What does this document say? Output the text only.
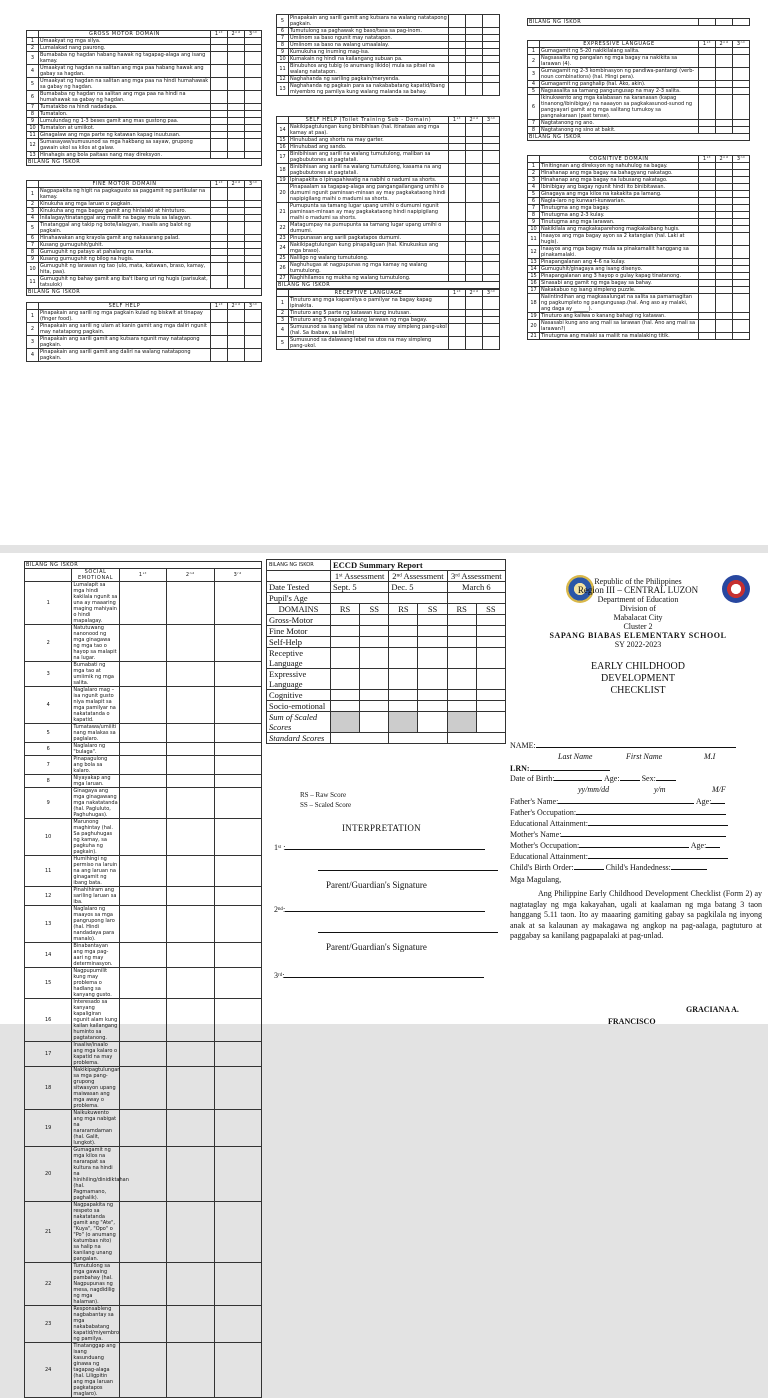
	GROSS MOTOR DOMAIN	1ˢᵗ	2ⁿᵈ	3ʳᵈ
1	Umaakyat ng mga silya.			
2	Lumalakad nang paurong.			
3	Bumababa ng hagdan habang hawak ng tagapag-alaga ang isang kamay.			
4	Umaakyat ng hagdan na salitan ang mga paa habang hawak ang gabay sa hagdan.			
5	Umaakyat ng hagdan na salitan ang mga paa na hindi humahawak sa gabay ng hagdan.			
6	Bumababa ng hagdan na salitan ang mga paa na hindi na humahawak sa gabay ng hagdan.			
7	Tumatakbo na hindi nadadapa.			
8	Tumatalon.			
9	Lumulundag ng 1-3 beses gamit ang mas gustong paa.			
10	Tumatalon at umiikot.			
11	Ginagalaw ang mga parte ng katawan kapag inuutusan.			
12	Sumasayaw/sumusunod sa mga hakbang sa sayaw, grupong gawain ukol sa kilos at galaw.			
13	Hinahagis ang bola paitaas nang may direksyon.			
BILANG NG ISKOR				
	FINE MOTOR DOMAIN	1ˢᵗ	2ⁿᵈ	3ʳᵈ
1	Nagpapakita ng higit na pagkagusto sa paggamit ng partikular na kamay.			
2	Kinukuha ang mga laruan o pagkain.			
3	Kinukuha ang mga bagay gamit ang hinlalaki at hintuturo.			
4	Inilalagay/tinatanggal ang maliit na bagay mula sa lalagyan.			
5	Tinatanggal ang takip ng bote/lalagyan, inaalis ang balot ng pagkain.			
6	Hinahawakan ang krayola gamit ang nakasarang palad.			
7	Kusang gumuguhit/guhit.			
8	Gumuguhit ng patayo at pahalang na marka.			
9	Kusang gumuguhit ng bilog na hugis.			
10	Gumuguhit ng larawan ng tao (ulo, mata, katawan, braso, kamay, hita, paa).			
11	Gumuguhit ng bahay gamit ang iba't ibang uri ng hugis (parisukat, tatsulok)			
BILANG NG ISKOR				
	SELF HELP	1ˢᵗ	2ⁿᵈ	3ʳᵈ
1	Pinapakain ang sarili ng mga pagkain kulad ng biskwit at tinapay (finger food).			
2	Pinapakain ang sarili ng ulam at kanin gamit ang mga daliri ngunit may natatapong pagkain.			
3	Pinapakain ang sarili gamit ang kutsara ngunit may natatapong pagkain.			
4	Pinapakain ang sarili gamit ang daliri na walang natatapong pagkain.			
5	Pinapakain ang sarili gamit ang kutsara na walang natatapong pagkain.			
6	Tumutulong sa paghawak ng baso/tasa sa pag-inom.			
7	Umiinom sa baso ngunit may natatapon.			
8	Umiinom sa baso na walang umaalalay.			
9	Kumukuha ng inuming mag-isa.			
10	Kumakain ng hindi na kailangang subuan pa.			
11	Binubuhos ang tubig (o anumang likido) mula sa pitsel na walang natatapon.			
12	Naghahanda ng sariling pagkain/meryenda.			
13	Naghahanda ng pagkain para sa nakababatang kapatid/ibang miyembro ng pamilya kung walang malanda sa bahay.			
	SELF HELP (Toilet Training Sub - Domain)	1ˢᵗ	2ⁿᵈ	3ʳᵈ
14	Nakikipagtulungan kung binibihisan (hal. itinataas ang mga kamay at paa).			
15	Hinuhubad ang shorts na may garter.			
16	Hinuhubad ang sando.			
17	Binibihisan ang sarili na walang tumutulong, maliban sa pagbubutones at pagtatali.			
18	Binibihisan ang sarili na walang tumutulong, kasama na ang pagbubutones at pagtatali.			
19	Ipinapakita o ipinapahiwatig na nabihi o nadumi sa shorts.			
20	Pinapaalam sa tagapag-alaga ang pangangailangang umihi o dumumi ngunit paminsan-minsan ay may pagkakataong hindi napipigilang maihi o madumi sa shorts.			
21	Pumupunta sa tamang lugar upang umihi o dumumi ngunit paminsan-minsan ay may pagkakataong hindi napipigilang maihi o madumi sa shorts.			
22	Matagumpay na pumupunta sa tamang lugar upang umihi o dumumi.			
23	Pinupunasan ang sarili pagkatapos dumumi.			
24	Nakikipagtulungan kung pinapaliguan (hal. Kinukuskus ang mga braso).			
25	Naliligo ng walang tumutulong.			
26	Naghuhugas at nagpupunas ng mga kamay ng walang tumutulong.			
27	Naghihilamos ng mukha ng walang tumutulong.			
BILANG NG ISKOR				
	RECEPTIVE LANGUAGE	1ˢᵗ	2ⁿᵈ	3ʳᵈ
1	Tinuturo ang mga kapamilya o pamilyar na bagay kapag ipinakita.			
2	Tinuturo ang 5 parte ng katawan kung inutusan.			
3	Tinuturo ang 5 napangalanang larawan ng mga bagay.			
4	Sumusunod sa isang lebel na utos na may simpleng pang-ukol (hal. Sa ibabaw, sa ilalim)			
5	Sumusunod sa dalawang lebel na utos na may simpleng pang-ukol.			
BILANG NG ISKOR			
	EXPRESSIVE LANGUAGE	1ˢᵗ	2ⁿᵈ	3ʳᵈ
1	Gumagamit ng 5-20 nakikilalang salita.			
2	Nagsasalita ng pangalan ng mga bagay na nakikita sa larawan (4).			
3	Gumagamit ng 2-3 kombinasyon ng pandiwa-pantangi (verb-noun combinations) (hal. Hingi pera).			
4	Gumagamit ng panghalip (hal. Ako, akin).			
5	Nagsasalita sa tamang pangungusap na may 2-3 salita.			
6	Ikinukwento ang mga kalabasan na karanasan (kapag tinanong/ibinibigay) na naaayon sa pagkakasunod-sunod ng pangyayari gamit ang mga salitang tumukoy sa pangnakaraan (past tense).			
7	Nagtatanong ng ano.			
8	Nagtatanong ng sino at bakit.			
BILANG NG ISKOR				
	COGNITIVE DOMAIN	1ˢᵗ	2ⁿᵈ	3ʳᵈ
1	Tinitingnan ang direksyon ng nahuhulog na bagay.			
2	Hinahanap ang mga bagay na bahagyang nakatago.			
3	Hinahanap ang mga bagay na lubusang nakatago.			
4	Ibinibigay ang bagay ngunit hindi ito binibitawan.			
5	Ginagaya ang mga kilos na kakakita pa lamang.			
6	Nagla-laro ng kunwari-kunwarian.			
7	Tinutugma ang mga bagay.			
8	Tinutugma ang 2-3 kulay.			
9	Tinutugma ang mga larawan.			
10	Nakikilala ang magkakaparehong magkakaibang hugis.			
11	Inaayos ang mga bagay ayon sa 2 katangian (hal. Laki at hugis).			
12	Inaayos ang mga bagay mula sa pinakamaliit hanggang sa pinakamalaki.			
13	Pinapangalanan ang 4-6 na kulay.			
14	Gumuguhit/ginagaya ang isang disenyo.			
15	Pinapangalanan ang 3 hayop o gulay kapag tinatanong.			
16	Sinasabi ang gamit ng mga bagay sa bahay.			
17	Nakakabuo ng isang simpleng puzzle.			
18	Naiintindihan ang magkasalungat na salita sa pamamagitan ng pagkumpleto ng pangungusap.(hal. Ang aso ay malaki, ang daga ay ______).			
19	Tinuturo ang kaliwa o kanang bahagi ng katawan.			
20	Nasasabi kung ano ang mali sa larawan (hal. Ano ang mali sa larawan?)			
21	Tinutugma ang malaki sa maliit na malalaking titik.			
BILANG NG ISKOR				
	SOCIAL EMOTIONAL	1ˢᵗ	2ⁿᵈ	3ʳᵈ
1	Lumalapit sa mga hindi kakilala ngunit sa una ay maaaring maging mahiyain o hindi mapalagay.			
2	Natutuwang nanonood ng mga ginagawa ng mga tao o hayop sa malapit na lugar.			
3	Bumabati ng mga tao at umiimik ng mga salita.			
4	Naglalaro mag – isa ngunit gusto niya malapit sa mga pamilyar na nakatatanda o kapatid.			
5	Tumatawa/umiiiti nang malakas sa paglalaro.			
6	Naglalaro ng "bulaga".			
7	Pinapagulong ang bola sa kalaro.			
8	Niyayakap ang mga laruan.			
9	Ginagaya ang mga ginagawang mga nakatatanda (hal. Pagluluto, Paghuhugas).			
10	Marunong maghintay (hal. Sa paghuhugas ng kamay, sa pagkuha ng pagkain).			
11	Humihingi ng permiso na laruin na ang laruan na ginagamit ng ibang bata.			
12	Pinahihiram ang sariling laruan sa iba.			
13	Naglalaro ng maayos sa mga pangrupong laro (hal. Hindi nandadaya para manalo).			
14	Binabantayan ang mga pag-aari ng may determinasyon.			
15	Nagpupumilit kung may problema o hadlang sa kanyang gusto.			
16	Interesado sa kanyang kapaligiran ngunit alam kung kailan kailangang huminto sa pagtatanong.			
17	Inaaliw/inaalo ang mga kalaro o kapatid na may problema.			
18	Nakikipagtulungan sa mga pang-grupong sitwasyon upang maiwasan ang mga away o problema.			
19	Naikukuwento ang mga nabigat na nararamdaman (hal. Galit, lungkot).			
20	Gumagamit ng mga kilos na nararapat sa kultura na hindi na hinihiling/dinidiktahan (hal. Pagmamano, paghalik).			
21	Nagpapakita ng respeto sa nakatatanda gamit ang "Ate", "Kuya", "Opo" o "Po" (o anumang katumbas nito) sa halip na kanilang unang pangalan.			
22	Tumutulong sa mga gawaing pambahay (hal. Nagpupunas ng mesa, nagdidilig ng mga halaman).			
23	Responsableng nagbabantay sa mga nakababatang kapatid/miyembro ng pamilya.			
24	Tinatanggap ang isang kasunduang ginawa ng tagapag-alaga (hal. Liligpitin ang mga laruan pagkatapos maglaro).			
BILANG NG ISKOR	ECCD Summary Report					
	1ˢᵗ Assessment		2ⁿᵈ Assessment		3ʳᵈ Assessment	
Date Tested	Sept. 5		Dec. 5		March 6	
Pupil's Age						
DOMAINS	RS	SS	RS	SS	RS	SS
Gross-Motor						
Fine Motor						
Self-Help						
Receptive Language						
Expressive Language						
Cognitive						
Socio-emotional						
Sum of Scaled Scores						
Standard Scores						
RS – Raw Score
SS – Scaled Score
INTERPRETATION
1ˢᵗ :
Parent/Guardian's Signature
2ⁿᵈ:
Parent/Guardian's Signature
3ʳᵈ:
Republic of the Philippines
Region III – CENTRAL LUZON
Department of Education
Division of
Mabalacat City
Cluster 2
SAPANG BIABAS ELEMENTARY SCHOOL
SY 2022-2023
EARLY CHILDHOOD
DEVELOPMENT
CHECKLIST
NAME:
Last Name	First Name	M.I
LRN:
Date of Birth:	Age:	Sex:
yy/mm/dd	y/m	M/F
Father's Name:	Age:
Father's Occupation:
Educational Attainment:
Mother's Name:
Mother's Occupation:	Age:
Educational Attainment:
Child's Birth Order:	Child's Handedness:
Mga Magulang,
Ang Philippine Early Childhood Development Checklist (Form 2) ay nagtataglay ng mga kakayahan, ugali at kaalaman ng mga batang 3 taon hanggang 5.11 taon. Ito ay maaaring gamiting gabay sa pagkilala ng inyong anak at sa kalaunan ay makagawa ng angkop na pag-aalaga, pagtuturo at paggabay sa kanilang pagpapalaki at pag-unlad.
GRACIANA A.
FRANCISCO
